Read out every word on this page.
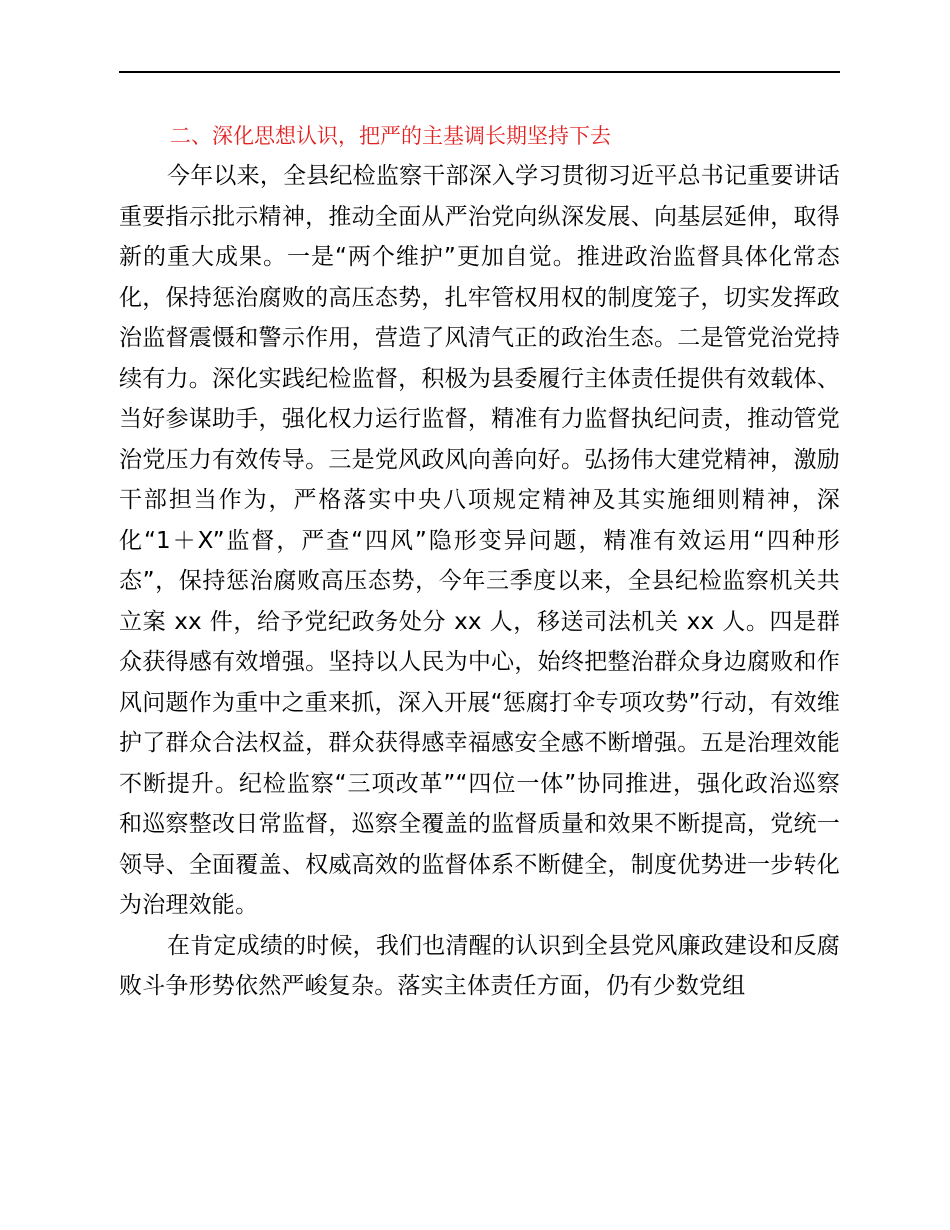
二、深化思想认识，把严的主基调长期坚持下去

今年以来，全县纪检监察干部深入学习贯彻习近平总书记重要讲话重要指示批示精神，推动全面从严治党向纵深发展、向基层延伸，取得新的重大成果。一是“两个维护”更加自觉。推进政治监督具体化常态化，保持惩治腐败的高压态势，扎牢管权用权的制度笼子，切实发挥政治监督震慑和警示作用，营造了风清气正的政治生态。二是管党治党持续有力。深化实践纪检监督，积极为县委履行主体责任提供有效载体、当好参谋助手，强化权力运行监督，精准有力监督执纪问责，推动管党治党压力有效传导。三是党风政风向善向好。弘扬伟大建党精神，激励干部担当作为，严格落实中央八项规定精神及其实施细则精神，深化“1＋X”监督，严查“四风”隐形变异问题，精准有效运用“四种形态”，保持惩治腐败高压态势，今年三季度以来，全县纪检监察机关共立案 xx 件，给予党纪政务处分 xx 人，移送司法机关 xx 人。四是群众获得感有效增强。坚持以人民为中心，始终把整治群众身边腐败和作风问题作为重中之重来抓，深入开展“惩腐打伞专项攻势”行动，有效维护了群众合法权益，群众获得感幸福感安全感不断增强。五是治理效能不断提升。纪检监察“三项改革”“四位一体”协同推进，强化政治巡察和巡察整改日常监督，巡察全覆盖的监督质量和效果不断提高，党统一领导、全面覆盖、权威高效的监督体系不断健全，制度优势进一步转化为治理效能。

在肯定成绩的时候，我们也清醒的认识到全县党风廉政建设和反腐败斗争形势依然严峻复杂。落实主体责任方面，仍有少数党组
